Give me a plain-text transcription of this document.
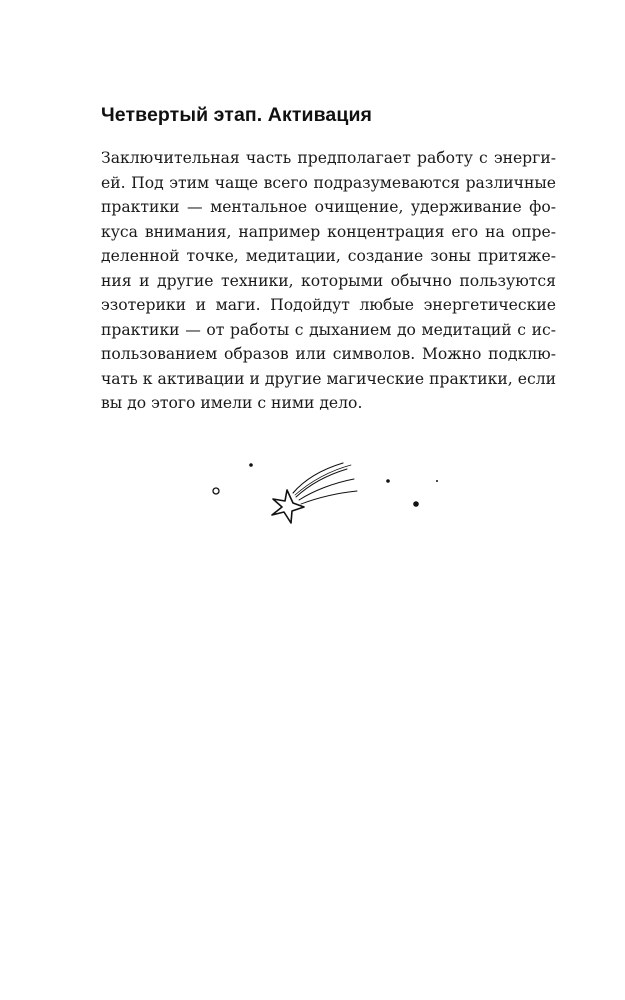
Четвертый этап. Активация

Заключительная часть предполагает работу с энерги-
ей. Под этим чаще всего подразумеваются различные
практики — ментальное очищение, удерживание фо-
куса внимания, например концентрация его на опре-
деленной точке, медитации, создание зоны притяже-
ния и другие техники, которыми обычно пользуются
эзотерики и маги. Подойдут любые энергетические
практики — от работы с дыханием до медитаций с ис-
пользованием образов или символов. Можно подклю-
чать к активации и другие магические практики, если
вы до этого имели с ними дело.
